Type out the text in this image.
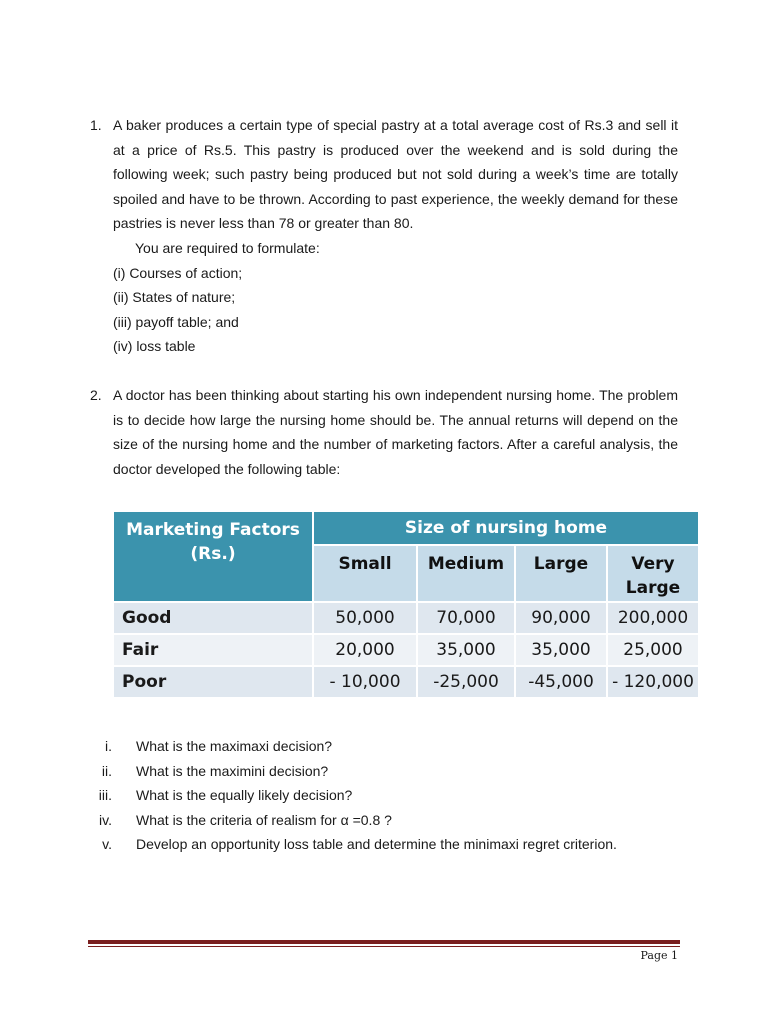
1. A baker produces a certain type of special pastry at a total average cost of Rs.3 and sell it at a price of Rs.5. This pastry is produced over the weekend and is sold during the following week; such pastry being produced but not sold during a week’s time are totally spoiled and have to be thrown. According to past experience, the weekly demand for these pastries is never less than 78 or greater than 80.

You are required to formulate:

(i) Courses of action;

(ii) States of nature;

(iii) payoff table; and

(iv) loss table

2. A doctor has been thinking about starting his own independent nursing home. The problem is to decide how large the nursing home should be. The annual returns will depend on the size of the nursing home and the number of marketing factors. After a careful analysis, the doctor developed the following table:

Marketing Factors (Rs.)	Size of nursing home			
	Small	Medium	Large	Very Large
Good	50,000	70,000	90,000	200,000
Fair	20,000	35,000	35,000	25,000
Poor	- 10,000	-25,000	-45,000	- 120,000
i. What is the maximaxi decision?
ii. What is the maximini decision?
iii. What is the equally likely decision?
iv. What is the criteria of realism for α =0.8 ?
v. Develop an opportunity loss table and determine the minimaxi regret criterion.
Page 1
